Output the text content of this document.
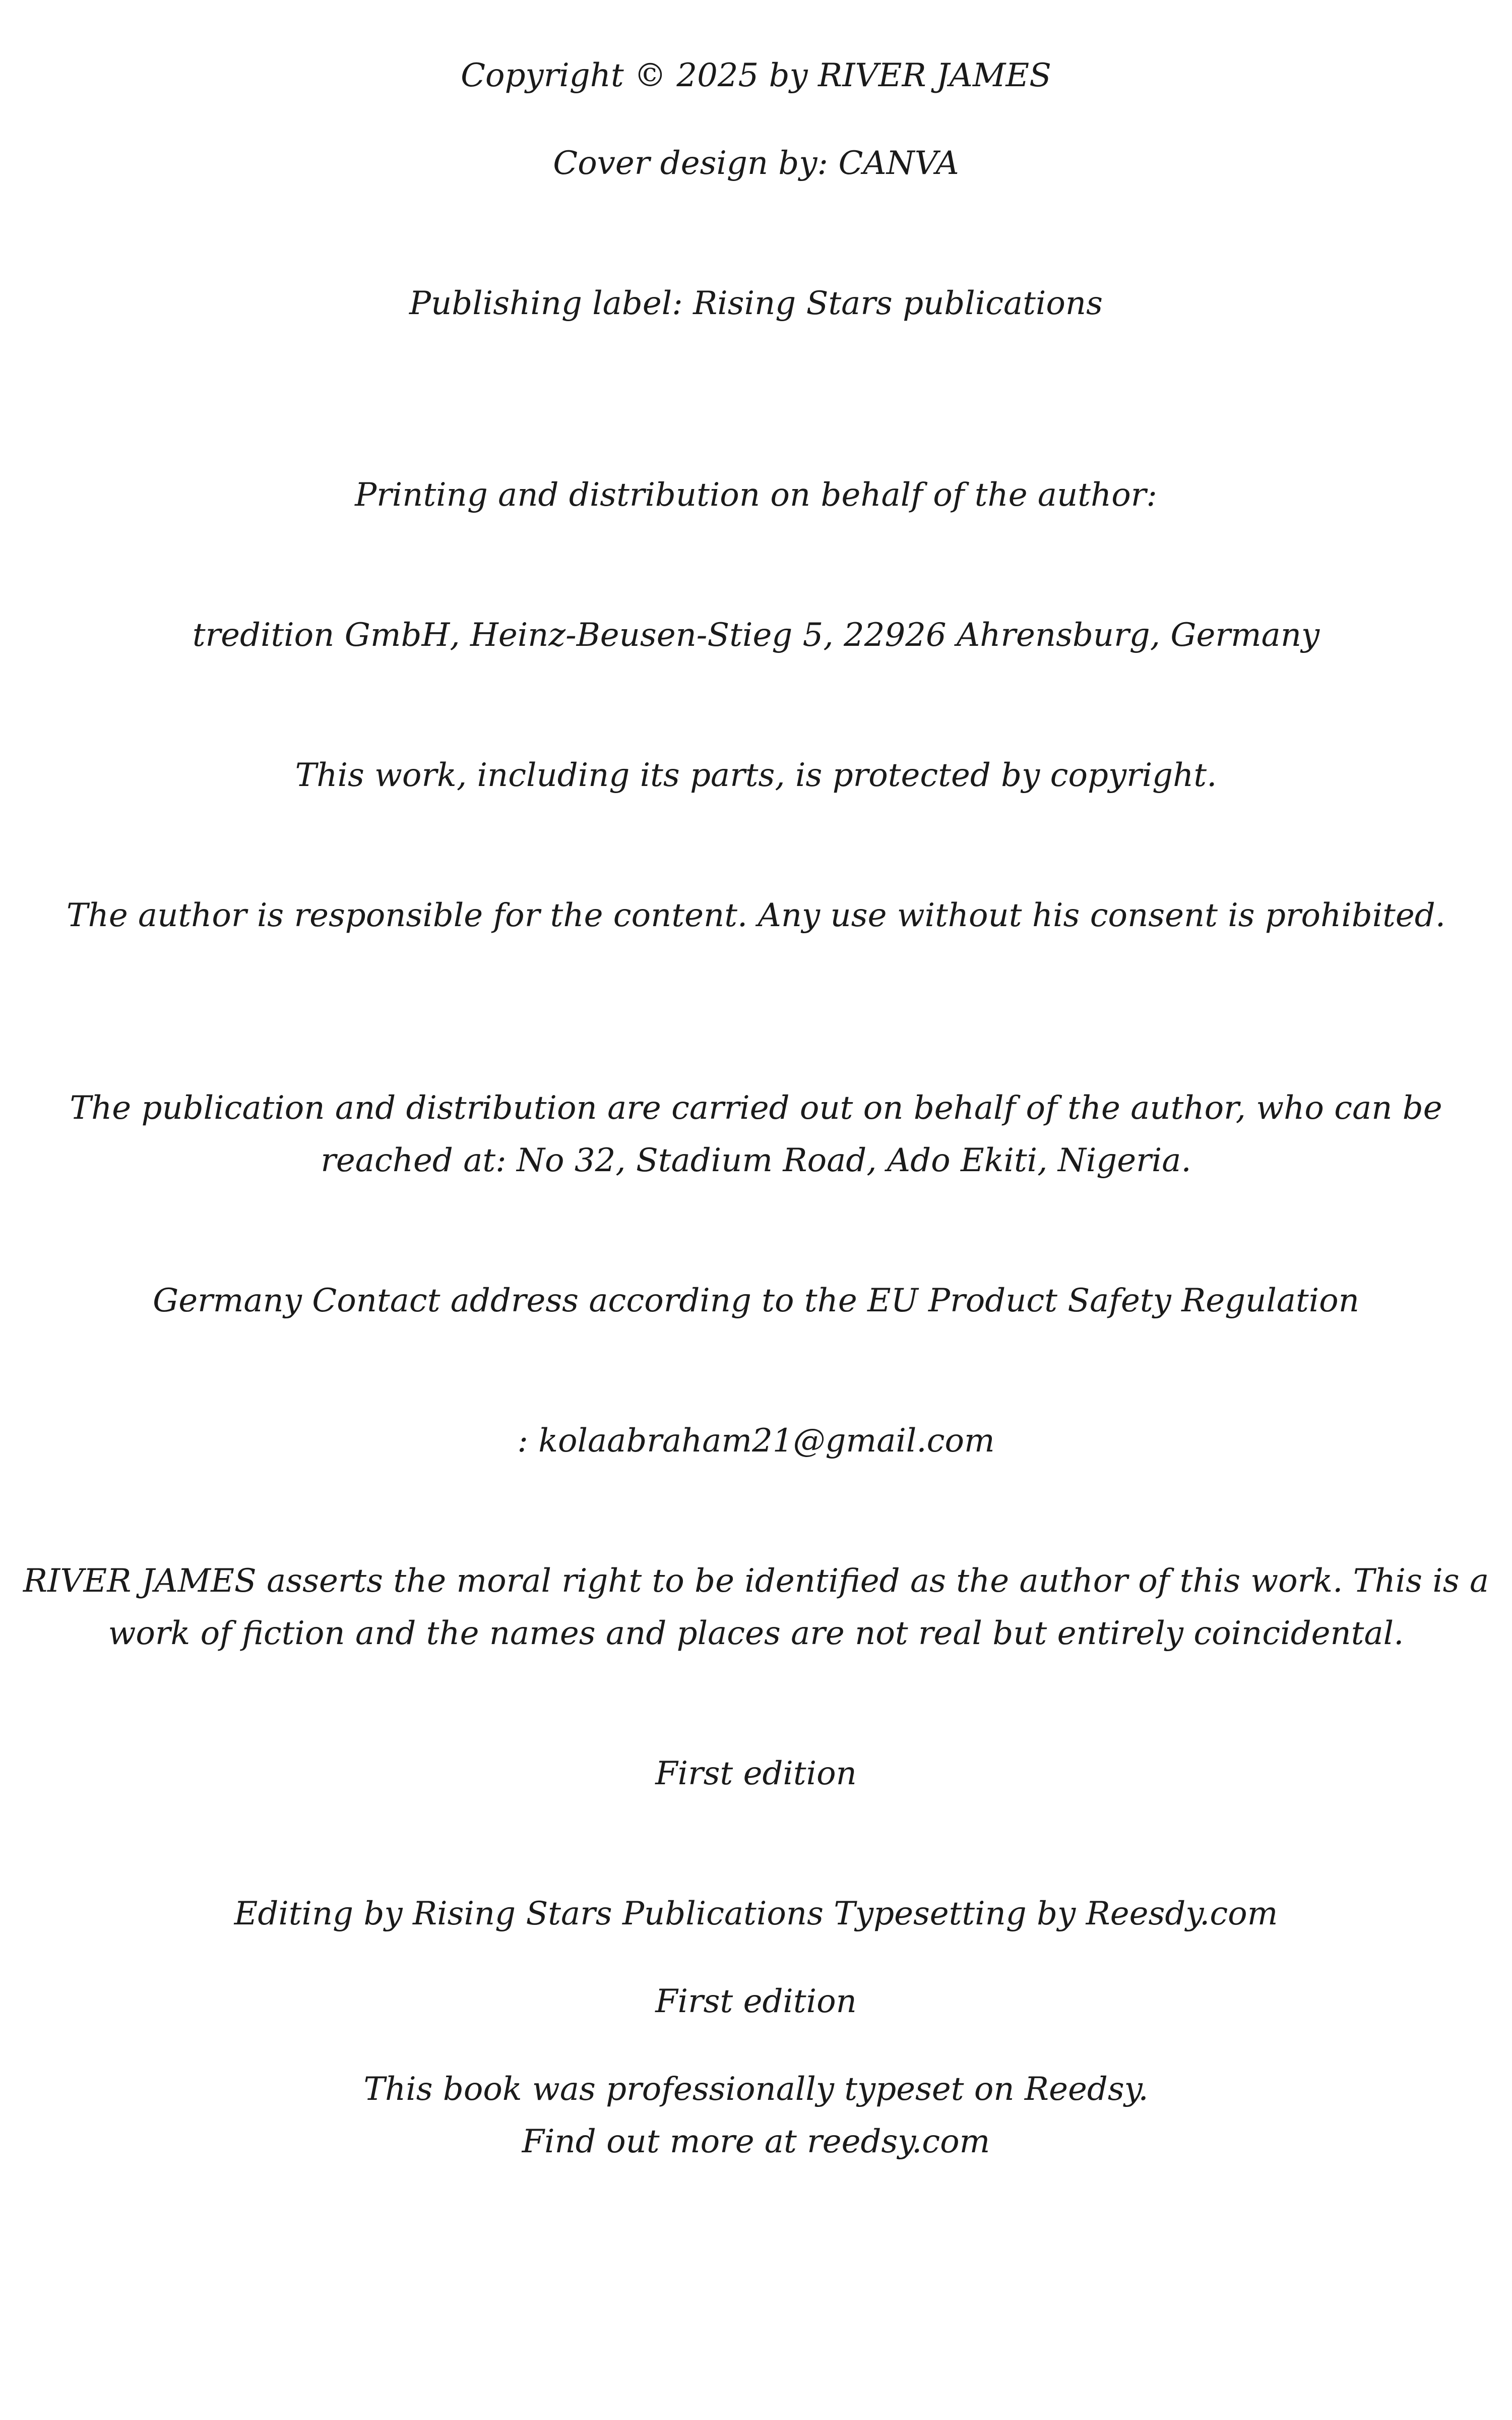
Copyright © 2025 by RIVER JAMES
Cover design by: CANVA
Publishing label: Rising Stars publications
Printing and distribution on behalf of the author:
tredition GmbH, Heinz-Beusen-Stieg 5, 22926 Ahrensburg, Germany
This work, including its parts, is protected by copyright.
The author is responsible for the content. Any use without his consent is prohibited.
The publication and distribution are carried out on behalf of the author, who can be
reached at: No 32, Stadium Road, Ado Ekiti, Nigeria.
Germany Contact address according to the EU Product Safety Regulation
: kolaabraham21@gmail.com
RIVER JAMES asserts the moral right to be identified as the author of this work. This is a
work of fiction and the names and places are not real but entirely coincidental.
First edition
Editing by Rising Stars Publications Typesetting by Reesdy.com
First edition
This book was professionally typeset on Reedsy.
Find out more at reedsy.com
